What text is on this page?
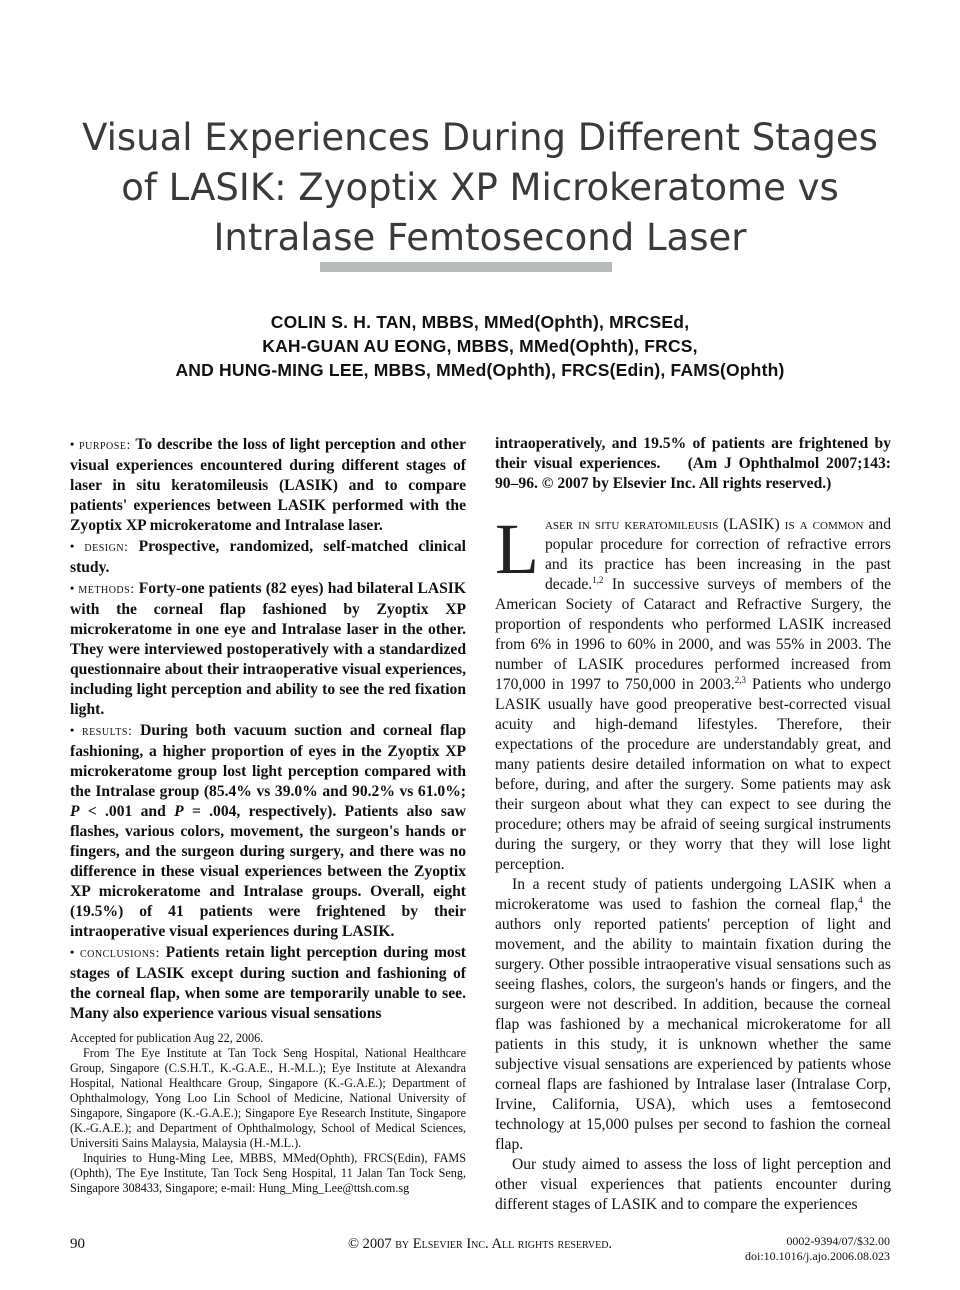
Visual Experiences During Different Stages of LASIK: Zyoptix XP Microkeratome vs Intralase Femtosecond Laser
COLIN S. H. TAN, MBBS, MMed(Ophth), MRCSEd,
KAH-GUAN AU EONG, MBBS, MMed(Ophth), FRCS,
AND HUNG-MING LEE, MBBS, MMed(Ophth), FRCS(Edin), FAMS(Ophth)

• purpose: To describe the loss of light perception and other visual experiences encountered during different stages of laser in situ keratomileusis (LASIK) and to compare patients' experiences between LASIK performed with the Zyoptix XP microkeratome and Intralase laser.

• design: Prospective, randomized, self-matched clinical study.

• methods: Forty-one patients (82 eyes) had bilateral LASIK with the corneal flap fashioned by Zyoptix XP microkeratome in one eye and Intralase laser in the other. They were interviewed postoperatively with a standardized questionnaire about their intraoperative visual experiences, including light perception and ability to see the red fixation light.

• results: During both vacuum suction and corneal flap fashioning, a higher proportion of eyes in the Zyoptix XP microkeratome group lost light perception compared with the Intralase group (85.4% vs 39.0% and 90.2% vs 61.0%; P < .001 and P = .004, respectively). Patients also saw flashes, various colors, movement, the surgeon's hands or fingers, and the surgeon during surgery, and there was no difference in these visual experiences between the Zyoptix XP microkeratome and Intralase groups. Overall, eight (19.5%) of 41 patients were frightened by their intraoperative visual experiences during LASIK.

• conclusions: Patients retain light perception during most stages of LASIK except during suction and fashioning of the corneal flap, when some are temporarily unable to see. Many also experience various visual sensations

Accepted for publication Aug 22, 2006.

From The Eye Institute at Tan Tock Seng Hospital, National Healthcare Group, Singapore (C.S.H.T., K.-G.A.E., H.-M.L.); Eye Institute at Alexandra Hospital, National Healthcare Group, Singapore (K.-G.A.E.); Department of Ophthalmology, Yong Loo Lin School of Medicine, National University of Singapore, Singapore (K.-G.A.E.); Singapore Eye Research Institute, Singapore (K.-G.A.E.); and Department of Ophthalmology, School of Medical Sciences, Universiti Sains Malaysia, Malaysia (H.-M.L.).

Inquiries to Hung-Ming Lee, MBBS, MMed(Ophth), FRCS(Edin), FAMS (Ophth), The Eye Institute, Tan Tock Seng Hospital, 11 Jalan Tan Tock Seng, Singapore 308433, Singapore; e-mail: Hung_Ming_Lee@ttsh.com.sg

intraoperatively, and 19.5% of patients are frightened by their visual experiences. (Am J Ophthalmol 2007;143: 90–96. © 2007 by Elsevier Inc. All rights reserved.)

Laser in situ keratomileusis (LASIK) is a common and popular procedure for correction of refractive errors and its practice has been increasing in the past decade.$^{1,2}$ In successive surveys of members of the American Society of Cataract and Refractive Surgery, the proportion of respondents who performed LASIK increased from 6% in 1996 to 60% in 2000, and was 55% in 2003. The number of LASIK procedures performed increased from 170,000 in 1997 to 750,000 in 2003.$^{2,3}$ Patients who undergo LASIK usually have good preoperative best-corrected visual acuity and high-demand lifestyles. Therefore, their expectations of the procedure are understandably great, and many patients desire detailed information on what to expect before, during, and after the surgery. Some patients may ask their surgeon about what they can expect to see during the procedure; others may be afraid of seeing surgical instruments during the surgery, or they worry that they will lose light perception.

In a recent study of patients undergoing LASIK when a microkeratome was used to fashion the corneal flap,$^4$ the authors only reported patients' perception of light and movement, and the ability to maintain fixation during the surgery. Other possible intraoperative visual sensations such as seeing flashes, colors, the surgeon's hands or fingers, and the surgeon were not described. In addition, because the corneal flap was fashioned by a mechanical microkeratome for all patients in this study, it is unknown whether the same subjective visual sensations are experienced by patients whose corneal flaps are fashioned by Intralase laser (Intralase Corp, Irvine, California, USA), which uses a femtosecond technology at 15,000 pulses per second to fashion the corneal flap.

Our study aimed to assess the loss of light perception and other visual experiences that patients encounter during different stages of LASIK and to compare the experiences

90	© 2007 by Elsevier Inc. All rights reserved.	0002-9394/07/$32.00
doi:10.1016/j.ajo.2006.08.023
